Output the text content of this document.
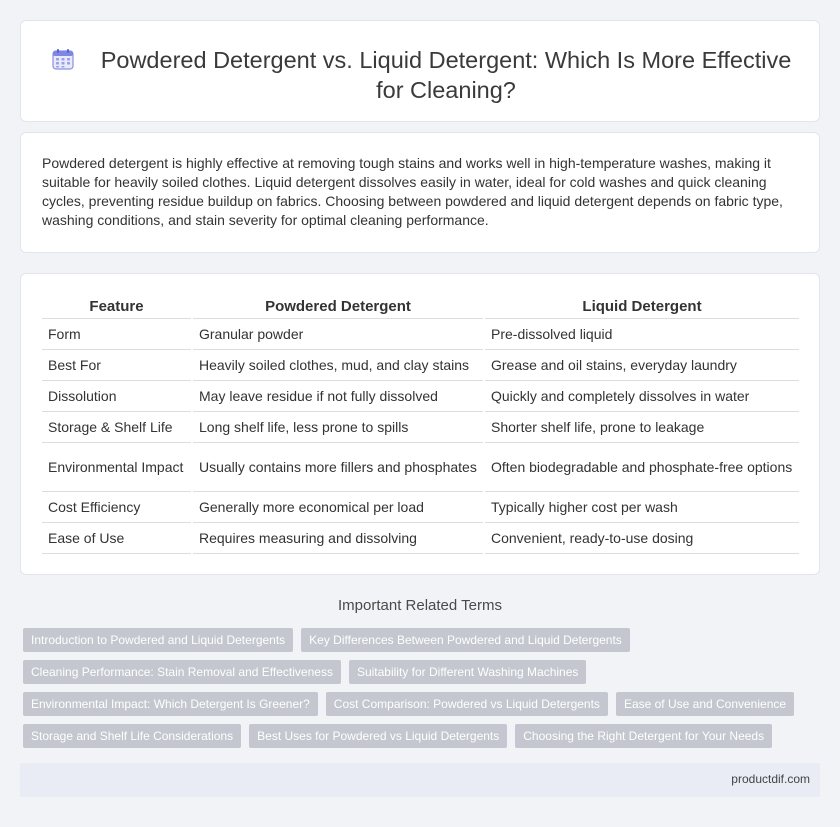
Powdered Detergent vs. Liquid Detergent: Which Is More Effective for Cleaning?

Powdered detergent is highly effective at removing tough stains and works well in high-temperature washes, making it suitable for heavily soiled clothes. Liquid detergent dissolves easily in water, ideal for cold washes and quick cleaning cycles, preventing residue buildup on fabrics. Choosing between powdered and liquid detergent depends on fabric type, washing conditions, and stain severity for optimal cleaning performance.

Feature	Powdered Detergent	Liquid Detergent
Form	Granular powder	Pre-dissolved liquid
Best For	Heavily soiled clothes, mud, and clay stains	Grease and oil stains, everyday laundry
Dissolution	May leave residue if not fully dissolved	Quickly and completely dissolves in water
Storage & Shelf Life	Long shelf life, less prone to spills	Shorter shelf life, prone to leakage
Environmental Impact	Usually contains more fillers and phosphates	Often biodegradable and phosphate-free options
Cost Efficiency	Generally more economical per load	Typically higher cost per wash
Ease of Use	Requires measuring and dissolving	Convenient, ready-to-use dosing
Important Related Terms
Introduction to Powdered and Liquid Detergents	Key Differences Between Powdered and Liquid Detergents
Cleaning Performance: Stain Removal and Effectiveness	Suitability for Different Washing Machines
Environmental Impact: Which Detergent Is Greener?	Cost Comparison: Powdered vs Liquid Detergents	Ease of Use and Convenience
Storage and Shelf Life Considerations	Best Uses for Powdered vs Liquid Detergents	Choosing the Right Detergent for Your Needs
productdif.com
